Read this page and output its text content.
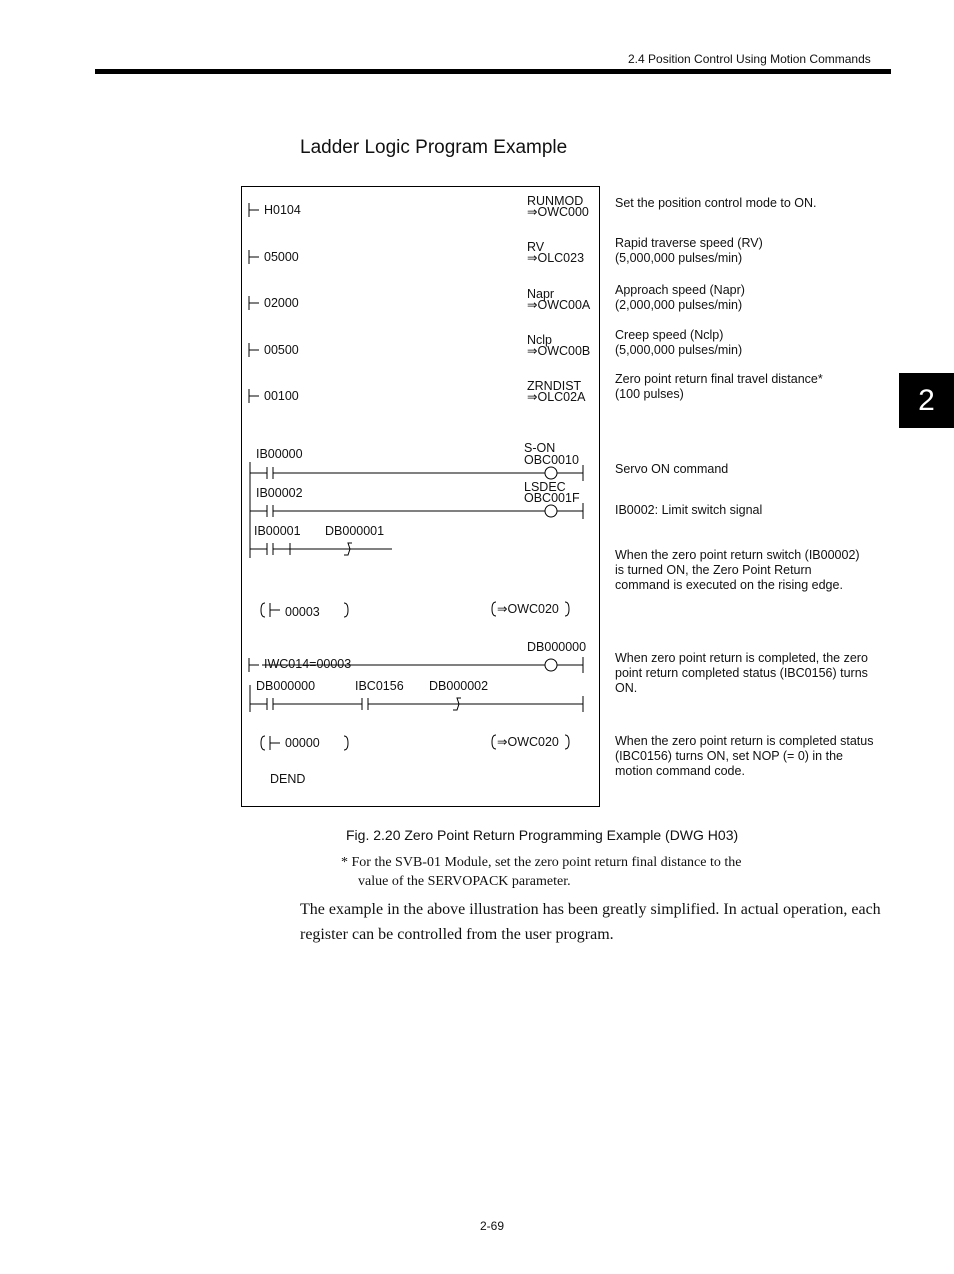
2.4 Position Control Using Motion Commands
2
Ladder Logic Program Example
H0104
RUNMOD
⇒OWC000
05000
RV
⇒OLC023
02000
Napr
⇒OWC00A
00500
Nclp
⇒OWC00B
00100
ZRNDIST
⇒OLC02A
IB00000	S-ON
OBC0010
IB00002	LSDEC
OBC001F
IB00001 DB000001
00003	⇒OWC020
IWC014=00003
DB000000
DB000000	IBC0156 DB000002
00000	⇒OWC020
DEND
Set the position control mode to ON.
Rapid traverse speed (RV)
(5,000,000 pulses/min)
Approach speed (Napr)
(2,000,000 pulses/min)
Creep speed (Nclp)
(5,000,000 pulses/min)
Zero point return final travel distance*
(100 pulses)
Servo ON command
IB0002: Limit switch signal
When the zero point return switch (IB00002)
is turned ON, the Zero Point Return
command is executed on the rising edge.
When zero point return is completed, the zero
point return completed status (IBC0156) turns
ON.
When the zero point return is completed status
(IBC0156) turns ON, set NOP (= 0) in the
motion command code.
Fig. 2.20 Zero Point Return Programming Example (DWG H03)
* For the SVB-01 Module, set the zero point return final distance to the
value of the SERVOPACK parameter.
The example in the above illustration has been greatly simplified. In actual operation, each
register can be controlled from the user program.
2-69
